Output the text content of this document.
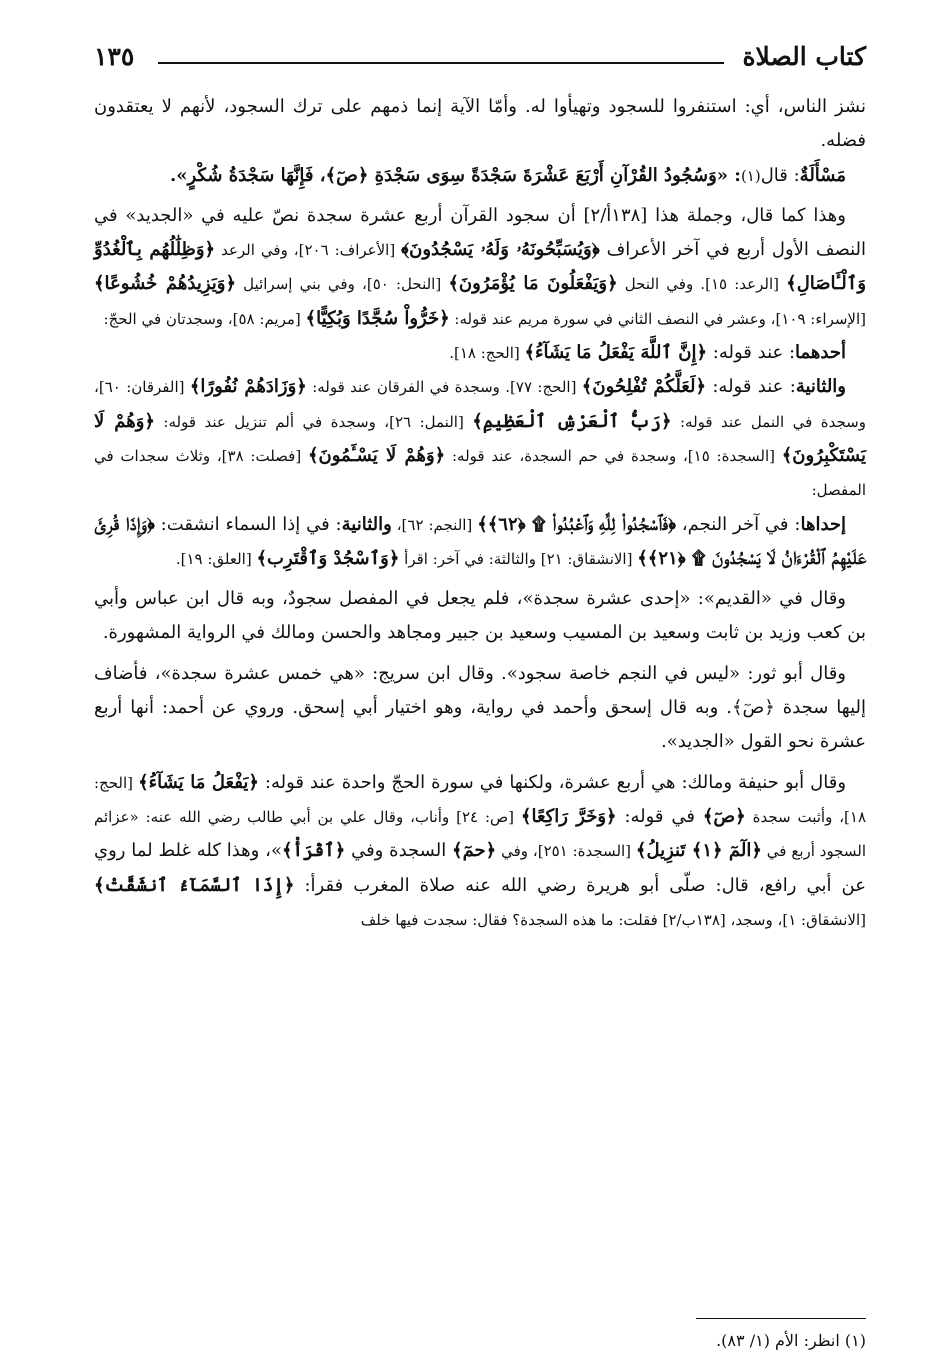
كتاب الصلاة
١٣٥

نشز الناس، أي: استنفروا للسجود وتهيأوا له. وأمّا الآية إنما ذمهم على ترك السجود، لأنهم لا يعتقدون فضله.

مَسْأَلَةٌ: قال(١): «وَسُجُودُ القُرْآنِ أَرْبَعَ عَشْرَةَ سَجْدَةً سِوَى سَجْدَةِ ﴿صٓ﴾، فَإِنَّهَا سَجْدَةُ شُكْرٍ».

وهذا كما قال، وجملة هذا [١٣٨أ/٢] أن سجود القرآن أربع عشرة سجدة نصّ عليه في «الجديد» في النصف الأول أربع في آخر الأعراف ﴿وَيُسَبِّحُونَهُۥ وَلَهُۥ يَسْجُدُونَ﴾ [الأعراف: ٢٠٦]، وفي الرعد ﴿وَظِلَٰلُهُم بِٱلْغُدُوِّ وَٱلْـَٔاصَالِ﴾ [الرعد: ١٥]. وفي النحل ﴿وَيَفْعَلُونَ مَا يُؤْمَرُونَ﴾ [النحل: ٥٠]، وفي بني إسرائيل ﴿وَيَزِيدُهُمْ خُشُوعًا﴾ [الإسراء: ١٠٩]، وعشر في النصف الثاني في سورة مريم عند قوله: ﴿خَرُّواْ سُجَّدًا وَبُكِيًّا﴾ [مريم: ٥٨]، وسجدتان في الحجّ:

أحدهما: عند قوله: ﴿إِنَّ ٱللَّهَ يَفْعَلُ مَا يَشَآءُ﴾ [الحج: ١٨].

والثانية: عند قوله: ﴿لَعَلَّكُمْ تُفْلِحُونَ﴾ [الحج: ٧٧]. وسجدة في الفرقان عند قوله: ﴿وَزَادَهُمْ نُفُورًا﴾ [الفرقان: ٦٠]، وسجدة في النمل عند قوله: ﴿رَبُّ ٱلْعَرْشِ ٱلْعَظِيمِ﴾ [النمل: ٢٦]، وسجدة في ألم تنزيل عند قوله: ﴿وَهُمْ لَا يَسْتَكْبِرُونَ﴾ [السجدة: ١٥]، وسجدة في حم السجدة، عند قوله: ﴿وَهُمْ لَا يَسْـَٔمُونَ﴾ [فصلت: ٣٨]، وثلاث سجدات في المفصل:

إحداها: في آخر النجم، ﴿فَٱسْجُدُواْ لِلَّهِ وَٱعْبُدُواْ ۩ ﴿٦٢﴾﴾ [النجم: ٦٢]، والثانية: في إذا السماء انشقت: ﴿وَإِذَا قُرِئَ عَلَيْهِمُ ٱلْقُرْءَانُ لَا يَسْجُدُونَ ۩ ﴿٢١﴾﴾ [الانشقاق: ٢١] والثالثة: في آخر: اقرأ ﴿وَٱسْجُدْ وَٱقْتَرِب﴾ [العلق: ١٩].

وقال في «القديم»: «إحدى عشرة سجدة»، فلم يجعل في المفصل سجودٌ، وبه قال ابن عباس وأبي بن كعب وزيد بن ثابت وسعيد بن المسيب وسعيد بن جبير ومجاهد والحسن ومالك في الرواية المشهورة.

وقال أبو ثور: «ليس في النجم خاصة سجود». وقال ابن سريج: «هي خمس عشرة سجدة»، فأضاف إليها سجدة ﴿صٓ﴾. وبه قال إسحق وأحمد في رواية، وهو اختيار أبي إسحق. وروي عن أحمد: أنها أربع عشرة نحو القول «الجديد».

وقال أبو حنيفة ومالك: هي أربع عشرة، ولكنها في سورة الحجّ واحدة عند قوله: ﴿يَفْعَلُ مَا يَشَآءُ﴾ [الحج: ١٨]، وأثبت سجدة ﴿صٓ﴾ في قوله: ﴿وَخَرَّ رَاكِعًا﴾ [ص: ٢٤] وأناب، وقال علي بن أبي طالب رضي الله عنه: «عزائم السجود أربع في ﴿الٓمٓ ﴿١﴾ تَنزِيلُ﴾ [السجدة: ٢٥١]، وفي ﴿حمٓ﴾ السجدة وفي ﴿ٱقْرَأْ﴾»، وهذا كله غلط لما روي عن أبي رافع، قال: صلّى أبو هريرة رضي الله عنه صلاة المغرب فقرأ: ﴿إِذَا ٱلسَّمَآءُ ٱنشَقَّتْ﴾ [الانشقاق: ١]، وسجد، [١٣٨ب/٢] فقلت: ما هذه السجدة؟ فقال: سجدت فيها خلف

(١) انظر: الأم (١/ ٨٣).
